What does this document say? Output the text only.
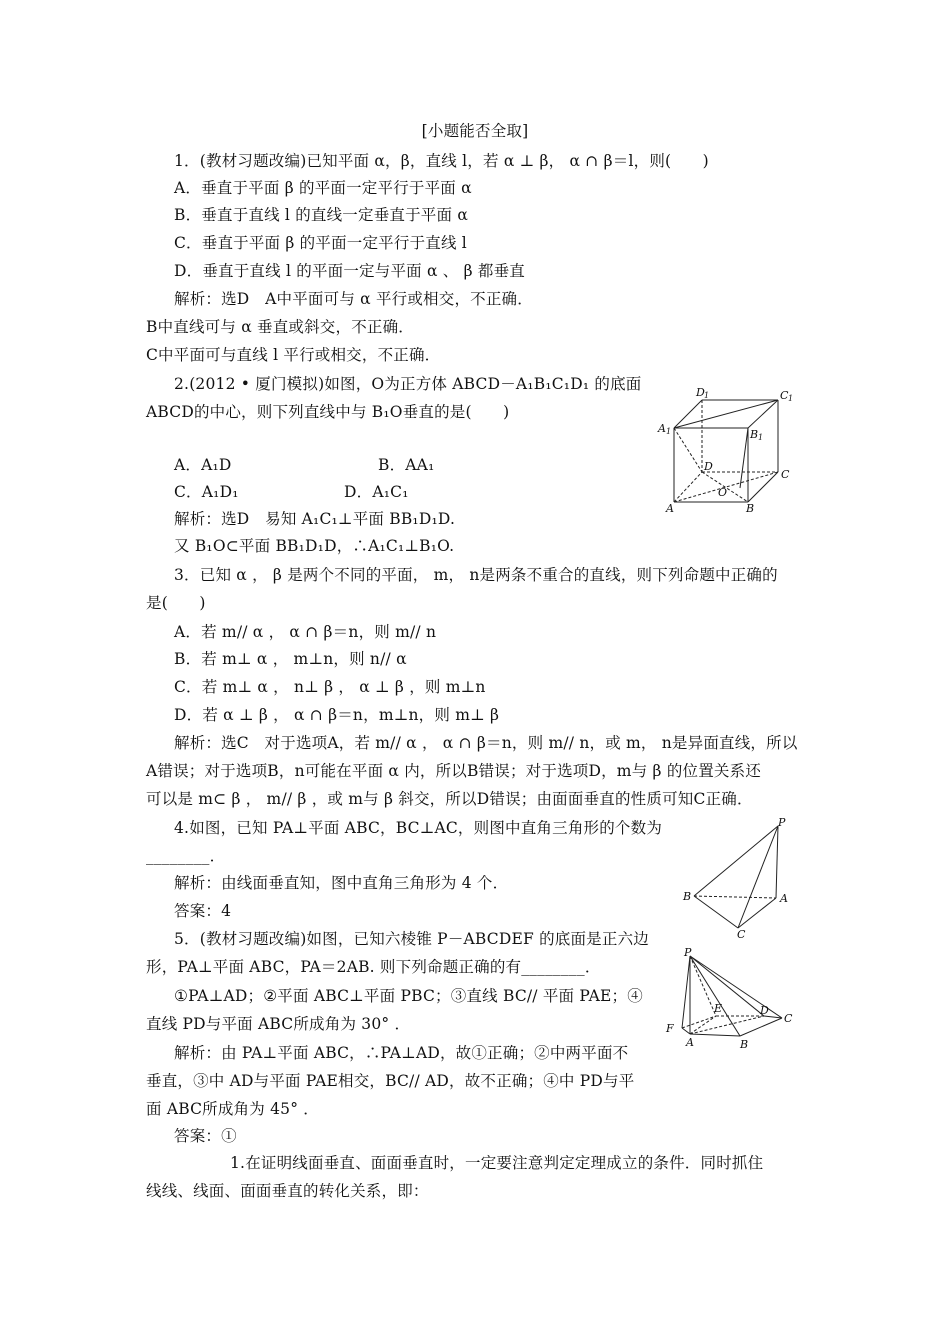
[小题能否全取]
1．(教材习题改编)已知平面 α，β，直线 l，若 α ⊥ β， α ∩ β＝l，则(　　)
A．垂直于平面 β 的平面一定平行于平面 α
B．垂直于直线 l 的直线一定垂直于平面 α
C．垂直于平面 β 的平面一定平行于直线 l
D．垂直于直线 l 的平面一定与平面 α 、 β 都垂直
解析：选D　A中平面可与 α 平行或相交，不正确．
B中直线可与 α 垂直或斜交，不正确．
C中平面可与直线 l 平行或相交，不正确．
2.(2012 • 厦门模拟)如图，O为正方体 ABCD－A₁B₁C₁D₁ 的底面
ABCD的中心，则下列直线中与 B₁O垂直的是(　　)
A．A₁D	B．AA₁
C．A₁D₁	D．A₁C₁
解析：选D　易知 A₁C₁⊥平面 BB₁D₁D.
又 B₁O⊂平面 BB₁D₁D，∴A₁C₁⊥B₁O.
3．已知 α ， β 是两个不同的平面， m， n是两条不重合的直线，则下列命题中正确的
是(　　)
A．若 m// α ， α ∩ β＝n，则 m// n
B．若 m⊥ α ， m⊥n，则 n// α
C．若 m⊥ α ， n⊥ β ， α ⊥ β ，则 m⊥n
D．若 α ⊥ β ， α ∩ β＝n，m⊥n，则 m⊥ β
解析：选C　对于选项A，若 m// α ， α ∩ β＝n，则 m// n，或 m， n是异面直线，所以
A错误；对于选项B，n可能在平面 α 内，所以B错误；对于选项D，m与 β 的位置关系还
可以是 m⊂ β ， m// β ，或 m与 β 斜交，所以D错误；由面面垂直的性质可知C正确．
4.如图，已知 PA⊥平面 ABC，BC⊥AC，则图中直角三角形的个数为
________．
解析：由线面垂直知，图中直角三角形为 4 个．
答案：4
5．(教材习题改编)如图，已知六棱锥 P－ABCDEF 的底面是正六边
形，PA⊥平面 ABC，PA＝2AB. 则下列命题正确的有________．
①PA⊥AD；②平面 ABC⊥平面 PBC；③直线 BC// 平面 PAE；④
直线 PD与平面 ABC所成角为 30° ．
解析：由 PA⊥平面 ABC，∴PA⊥AD，故①正确；②中两平面不
垂直，③中 AD与平面 PAE相交，BC// AD，故不正确；④中 PD与平
面 ABC所成角为 45° ．
答案：①
1.在证明线面垂直、面面垂直时，一定要注意判定定理成立的条件．同时抓住
线线、线面、面面垂直的转化关系，即：
D 1	C 1
A 1	B 1
D
C
O
A	B
P
B	A
C
P
F
E	D
C
A	B
